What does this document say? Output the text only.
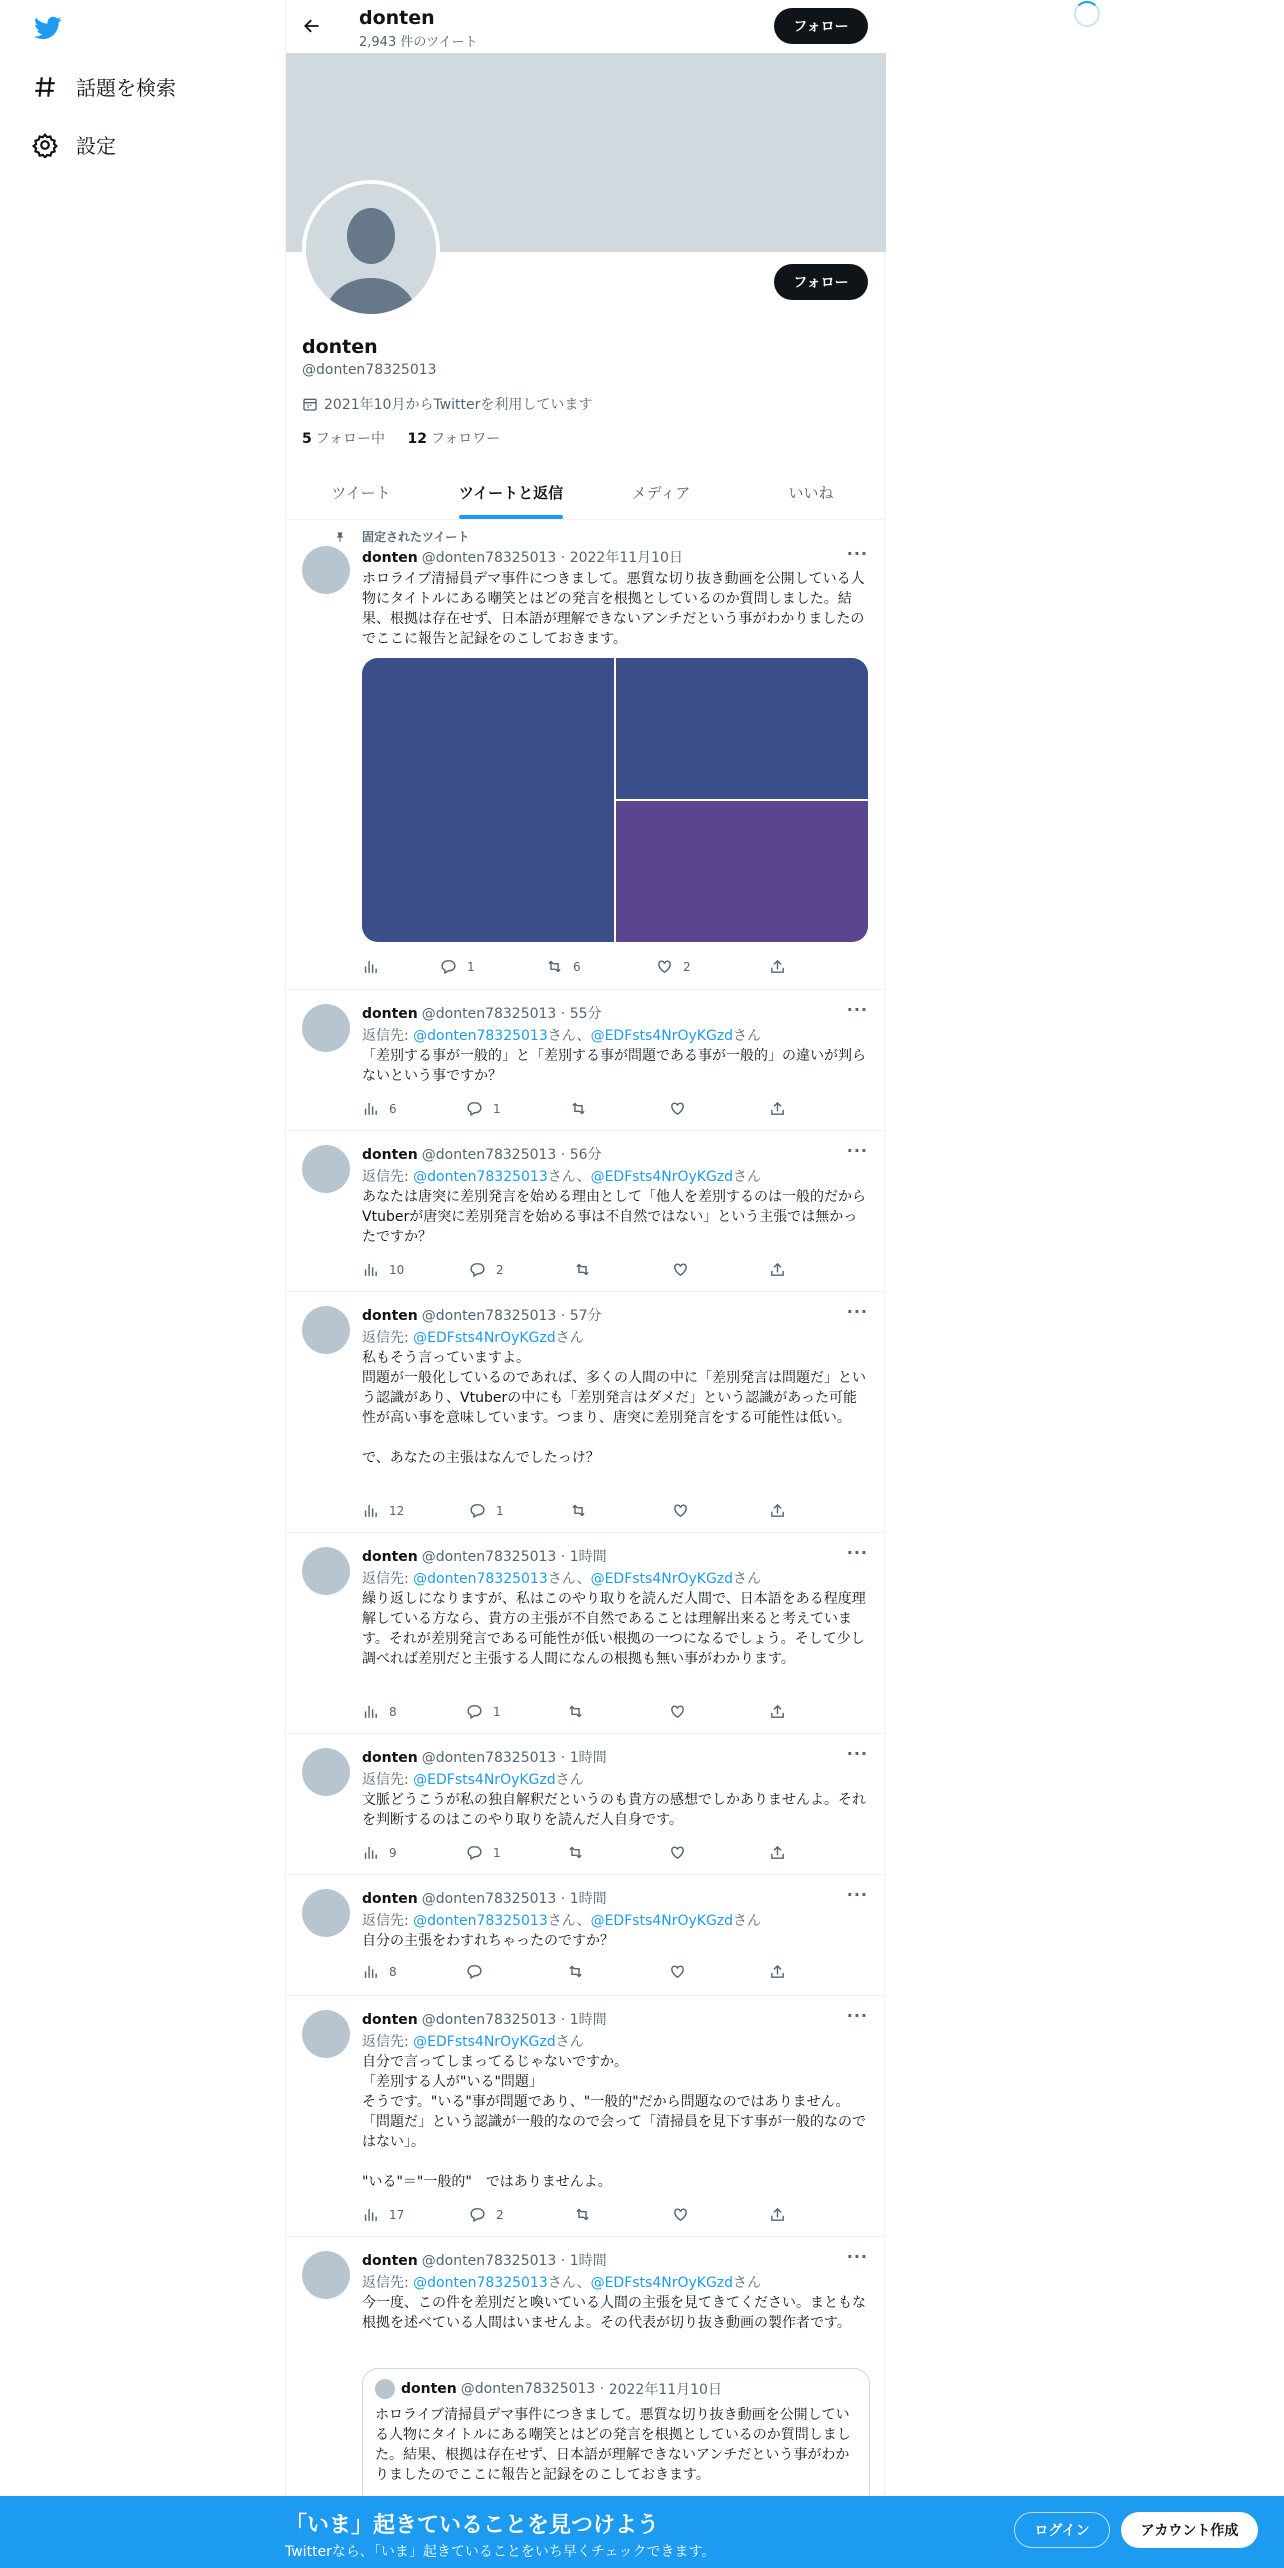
話題を検索
設定
donten
2,943 件のツイート
フォロー
フォロー
donten
@donten78325013
2021年10月からTwitterを利用しています
5 フォロー中 12 フォロワー
ツイート	ツイートと返信	メディア	いいね
固定されたツイート
donten @donten78325013 · 2022年11月10日	···
ホロライブ清掃員デマ事件につきまして。悪質な切り抜き動画を公開している人物にタイトルにある嘲笑とはどの発言を根拠としているのか質問しました。結果、根拠は存在せず、日本語が理解できないアンチだという事がわかりましたのでここに報告と記録をのこしておきます。
1	6	2
donten @donten78325013 · 55分	···
返信先: @donten78325013さん、@EDFsts4NrOyKGzdさん
「差別する事が一般的」と「差別する事が問題である事が一般的」の違いが判らないという事ですか？
6	1
donten @donten78325013 · 56分	···
返信先: @donten78325013さん、@EDFsts4NrOyKGzdさん
あなたは唐突に差別発言を始める理由として「他人を差別するのは一般的だからVtuberが唐突に差別発言を始める事は不自然ではない」という主張では無かったですか？
10	2
donten @donten78325013 · 57分	···
返信先: @EDFsts4NrOyKGzdさん
私もそう言っていますよ。
問題が一般化しているのであれば、多くの人間の中に「差別発言は問題だ」という認識があり、Vtuberの中にも「差別発言はダメだ」という認識があった可能性が高い事を意味しています。つまり、唐突に差別発言をする可能性は低い。

で、あなたの主張はなんでしたっけ？
12	1
donten @donten78325013 · 1時間	···
返信先: @donten78325013さん、@EDFsts4NrOyKGzdさん
繰り返しになりますが、私はこのやり取りを読んだ人間で、日本語をある程度理解している方なら、貴方の主張が不自然であることは理解出来ると考えています。それが差別発言である可能性が低い根拠の一つになるでしょう。そして少し調べれば差別だと主張する人間になんの根拠も無い事がわかります。
8	1
donten @donten78325013 · 1時間	···
返信先: @EDFsts4NrOyKGzdさん
文脈どうこうが私の独自解釈だというのも貴方の感想でしかありませんよ。それを判断するのはこのやり取りを読んだ人自身です。
9	1
donten @donten78325013 · 1時間	···
返信先: @donten78325013さん、@EDFsts4NrOyKGzdさん
自分の主張をわすれちゃったのですか？
8
donten @donten78325013 · 1時間	···
返信先: @EDFsts4NrOyKGzdさん
自分で言ってしまってるじゃないですか。
「差別する人が"いる"問題」
そうです。"いる"事が問題であり、"一般的"だから問題なのではありません。「問題だ」という認識が一般的なので会って「清掃員を見下す事が一般的なのではない」。

"いる"＝"一般的"　ではありませんよ。
17	2
donten @donten78325013 · 1時間	···
返信先: @donten78325013さん、@EDFsts4NrOyKGzdさん
今一度、この件を差別だと喚いている人間の主張を見てきてください。まともな根拠を述べている人間はいませんよ。その代表が切り抜き動画の製作者です。
donten @donten78325013 · 2022年11月10日
ホロライブ清掃員デマ事件につきまして。悪質な切り抜き動画を公開している人物にタイトルにある嘲笑とはどの発言を根拠としているのか質問しました。結果、根拠は存在せず、日本語が理解できないアンチだという事がわかりましたのでここに報告と記録をのこしておきます。
「いま」起きていることを見つけよう
Twitterなら、「いま」起きていることをいち早くチェックできます。
ログイン	アカウント作成
